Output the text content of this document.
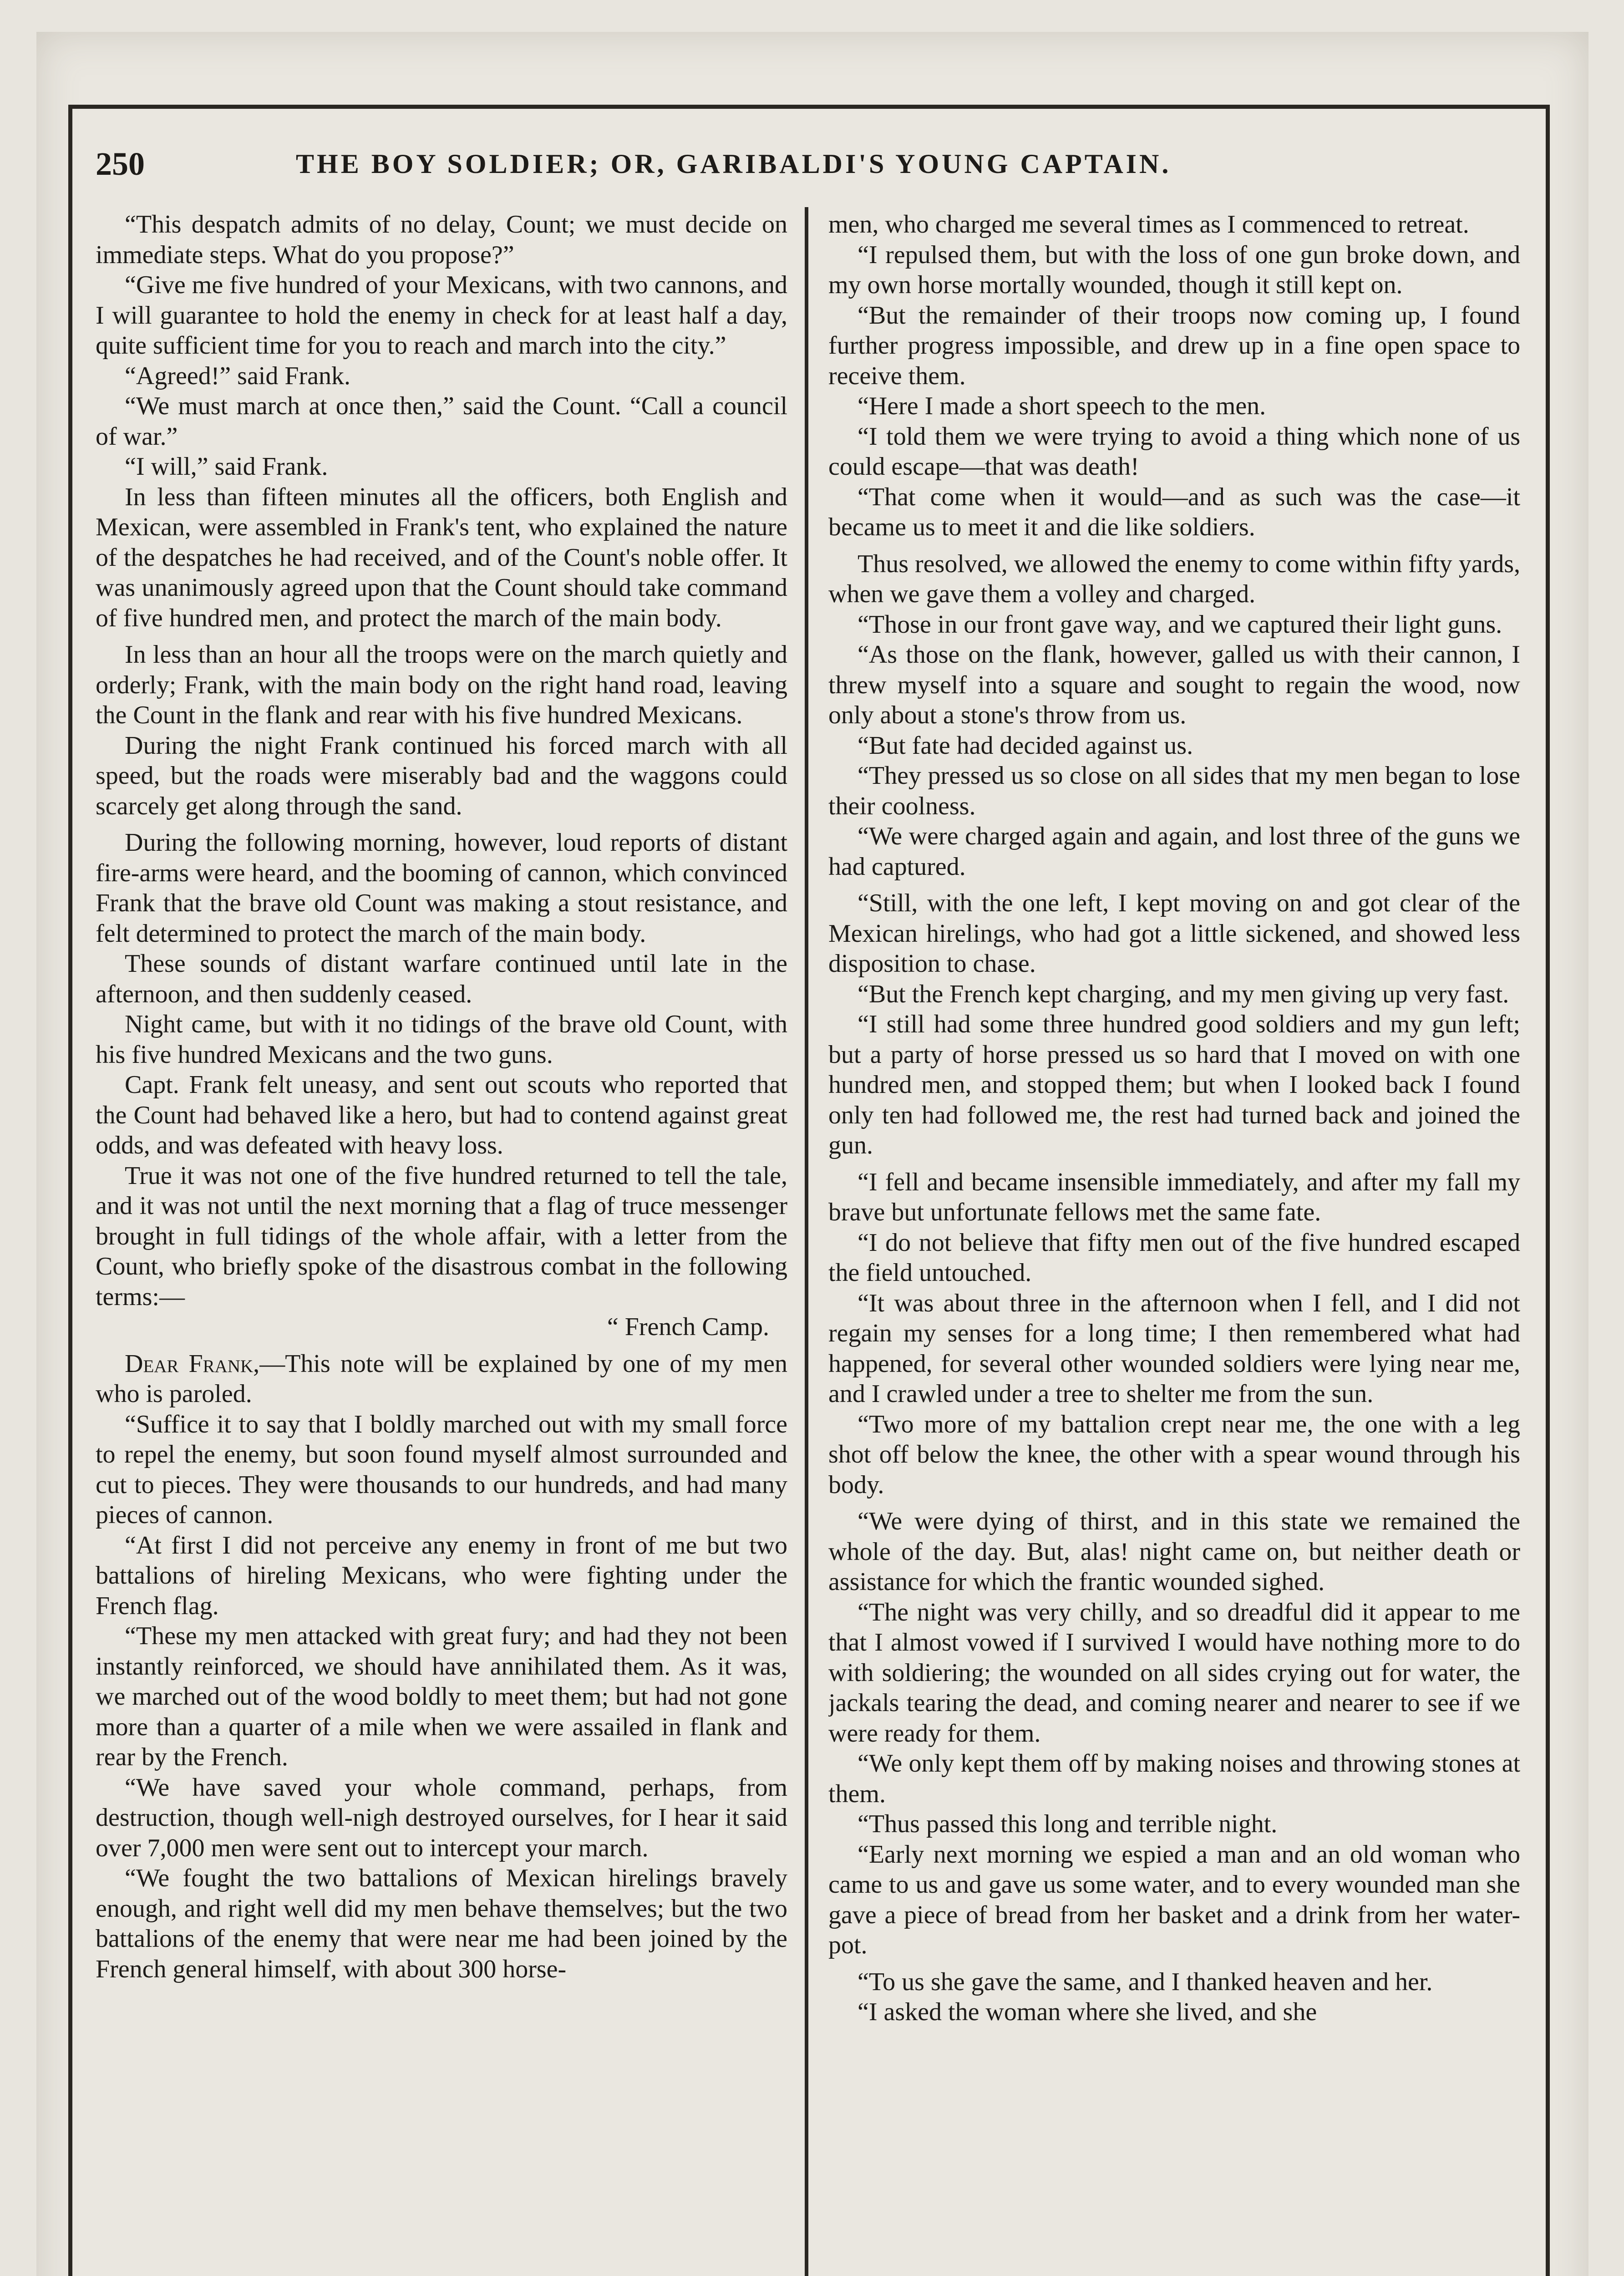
250	THE BOY SOLDIER; OR, GARIBALDI'S YOUNG CAPTAIN.

“This despatch admits of no delay, Count; we must decide on immediate steps. What do you propose?”

“Give me five hundred of your Mexicans, with two cannons, and I will guarantee to hold the enemy in check for at least half a day, quite sufficient time for you to reach and march into the city.”

“Agreed!” said Frank.

“We must march at once then,” said the Count. “Call a council of war.”

“I will,” said Frank.

In less than fifteen minutes all the officers, both English and Mexican, were assembled in Frank's tent, who explained the nature of the despatches he had received, and of the Count's noble offer. It was unanimously agreed upon that the Count should take command of five hundred men, and protect the march of the main body.

In less than an hour all the troops were on the march quietly and orderly; Frank, with the main body on the right hand road, leaving the Count in the flank and rear with his five hundred Mexicans.

During the night Frank continued his forced march with all speed, but the roads were miserably bad and the waggons could scarcely get along through the sand.

During the following morning, however, loud reports of distant fire-arms were heard, and the booming of cannon, which convinced Frank that the brave old Count was making a stout resistance, and felt determined to protect the march of the main body.

These sounds of distant warfare continued until late in the afternoon, and then suddenly ceased.

Night came, but with it no tidings of the brave old Count, with his five hundred Mexicans and the two guns.

Capt. Frank felt uneasy, and sent out scouts who reported that the Count had behaved like a hero, but had to contend against great odds, and was defeated with heavy loss.

True it was not one of the five hundred returned to tell the tale, and it was not until the next morning that a flag of truce messenger brought in full tidings of the whole affair, with a letter from the Count, who briefly spoke of the disastrous combat in the following terms:—

“ French Camp.

Dear Frank,—This note will be explained by one of my men who is paroled.

“Suffice it to say that I boldly marched out with my small force to repel the enemy, but soon found myself almost surrounded and cut to pieces. They were thousands to our hundreds, and had many pieces of cannon.

“At first I did not perceive any enemy in front of me but two battalions of hireling Mexicans, who were fighting under the French flag.

“These my men attacked with great fury; and had they not been instantly reinforced, we should have annihilated them. As it was, we marched out of the wood boldly to meet them; but had not gone more than a quarter of a mile when we were assailed in flank and rear by the French.

“We have saved your whole command, perhaps, from destruction, though well-nigh destroyed ourselves, for I hear it said over 7,000 men were sent out to intercept your march.

“We fought the two battalions of Mexican hirelings bravely enough, and right well did my men behave themselves; but the two battalions of the enemy that were near me had been joined by the French general himself, with about 300 horse-

men, who charged me several times as I commenced to retreat.

“I repulsed them, but with the loss of one gun broke down, and my own horse mortally wounded, though it still kept on.

“But the remainder of their troops now coming up, I found further progress impossible, and drew up in a fine open space to receive them.

“Here I made a short speech to the men.

“I told them we were trying to avoid a thing which none of us could escape—that was death!

“That come when it would—and as such was the case—it became us to meet it and die like soldiers.

Thus resolved, we allowed the enemy to come within fifty yards, when we gave them a volley and charged.

“Those in our front gave way, and we captured their light guns.

“As those on the flank, however, galled us with their cannon, I threw myself into a square and sought to regain the wood, now only about a stone's throw from us.

“But fate had decided against us.

“They pressed us so close on all sides that my men began to lose their coolness.

“We were charged again and again, and lost three of the guns we had captured.

“Still, with the one left, I kept moving on and got clear of the Mexican hirelings, who had got a little sickened, and showed less disposition to chase.

“But the French kept charging, and my men giving up very fast.

“I still had some three hundred good soldiers and my gun left; but a party of horse pressed us so hard that I moved on with one hundred men, and stopped them; but when I looked back I found only ten had followed me, the rest had turned back and joined the gun.

“I fell and became insensible immediately, and after my fall my brave but unfortunate fellows met the same fate.

“I do not believe that fifty men out of the five hundred escaped the field untouched.

“It was about three in the afternoon when I fell, and I did not regain my senses for a long time; I then remembered what had happened, for several other wounded soldiers were lying near me, and I crawled under a tree to shelter me from the sun.

“Two more of my battalion crept near me, the one with a leg shot off below the knee, the other with a spear wound through his body.

“We were dying of thirst, and in this state we remained the whole of the day. But, alas! night came on, but neither death or assistance for which the frantic wounded sighed.

“The night was very chilly, and so dreadful did it appear to me that I almost vowed if I survived I would have nothing more to do with soldiering; the wounded on all sides crying out for water, the jackals tearing the dead, and coming nearer and nearer to see if we were ready for them.

“We only kept them off by making noises and throwing stones at them.

“Thus passed this long and terrible night.

“Early next morning we espied a man and an old woman who came to us and gave us some water, and to every wounded man she gave a piece of bread from her basket and a drink from her water-pot.

“To us she gave the same, and I thanked heaven and her.

“I asked the woman where she lived, and she
